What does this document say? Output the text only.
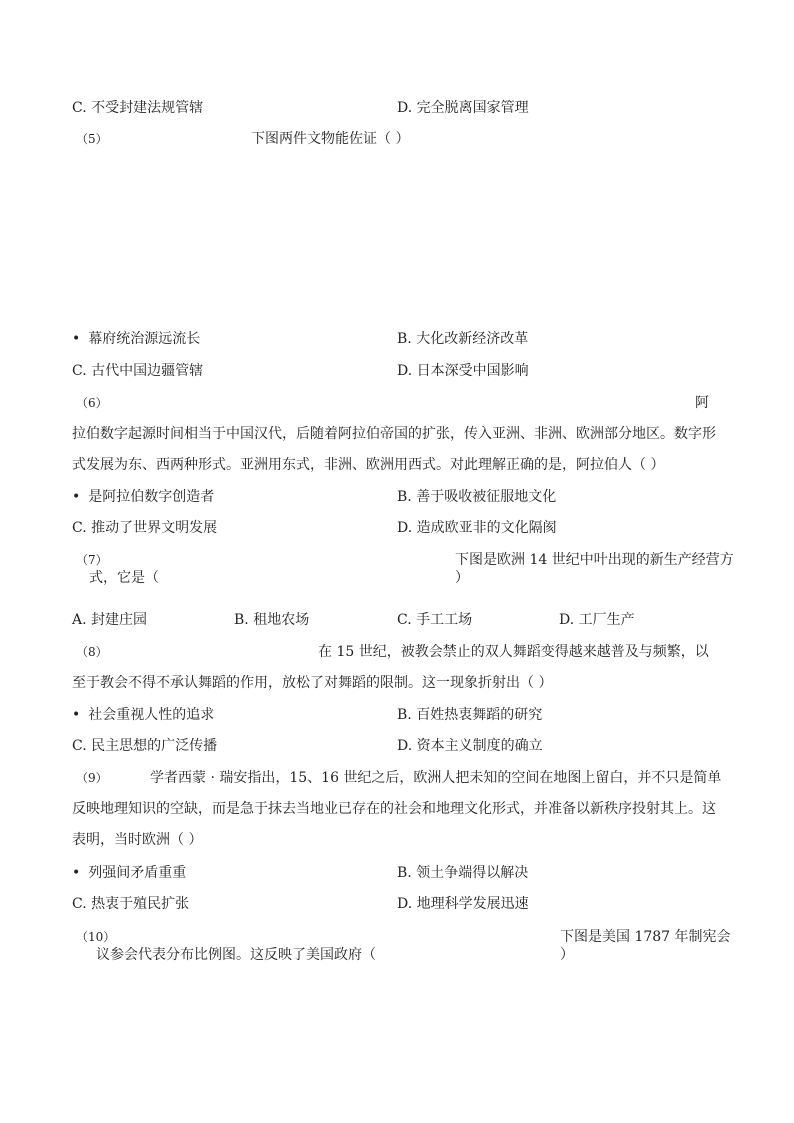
C. 不受封建法规管辖	D. 完全脱离国家管理
（5）	下图两件文物能佐证（ ）
• 幕府统治源远流长	B. 大化改新经济改革
C. 古代中国边疆管辖	D. 日本深受中国影响
（6）	阿
拉伯数字起源时间相当于中国汉代，后随着阿拉伯帝国的扩张，传入亚洲、非洲、欧洲部分地区。数字形
式发展为东、西两种形式。亚洲用东式，非洲、欧洲用西式。对此理解正确的是，阿拉伯人（ ）
• 是阿拉伯数字创造者	B. 善于吸收被征服地文化
C. 推动了世界文明发展	D. 造成欧亚非的文化隔阂
（7）	下图是欧洲 14 世纪中叶出现的新生产经营方
式，它是（	）
A. 封建庄园	B. 租地农场	C. 手工工场	D. 工厂生产
（8）	在 15 世纪，被教会禁止的双人舞蹈变得越来越普及与频繁，以
至于教会不得不承认舞蹈的作用，放松了对舞蹈的限制。这一现象折射出（ ）
• 社会重视人性的追求	B. 百姓热衷舞蹈的研究
C. 民主思想的广泛传播	D. 资本主义制度的确立
（9）	学者西蒙 · 瑞安指出，15、16 世纪之后，欧洲人把未知的空间在地图上留白，并不只是简单
反映地理知识的空缺，而是急于抹去当地业已存在的社会和地理文化形式，并准备以新秩序投射其上。这
表明，当时欧洲（ ）
• 列强间矛盾重重	B. 领土争端得以解决
C. 热衷于殖民扩张	D. 地理科学发展迅速
（10）	下图是美国 1787 年制宪会
议参会代表分布比例图。这反映了美国政府（	）
